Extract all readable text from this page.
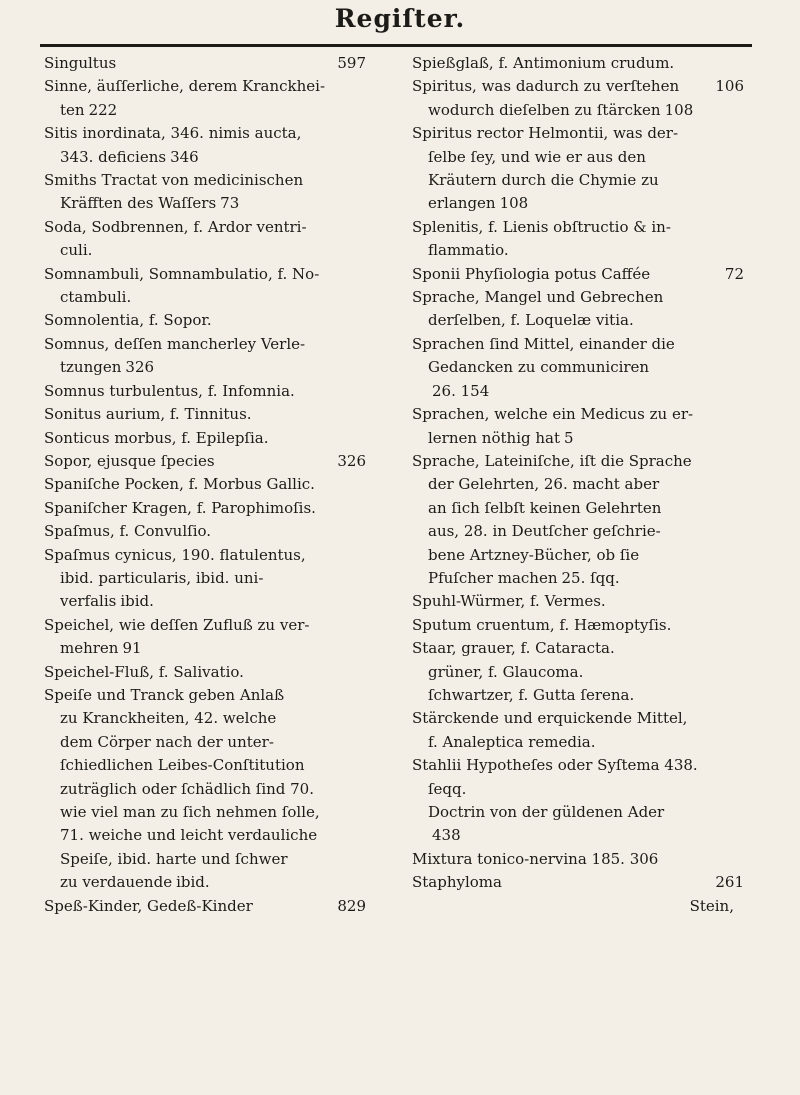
Regiſter.
Singultus	597
Sinne, äuſſerliche, derem Kranckhei-
ten 222
Sitis inordinata, 346. nimis aucta,
343. deficiens 346
Smiths Tractat von medicinischen
Kräfften des Waſſers 73
Soda, Sodbrennen, f. Ardor ventri-
culi.
Somnambuli, Somnambulatio, f. No-
ctambuli.
Somnolentia, f. Sopor.
Somnus, deſſen mancherley Verle-
tzungen 326
Somnus turbulentus, f. Infomnia.
Sonitus aurium, f. Tinnitus.
Sonticus morbus, f. Epilepſia.
Sopor, ejusque ſpecies	326
Spaniſche Pocken, f. Morbus Gallic.
Spaniſcher Kragen, f. Parophimoſis.
Spaſmus, f. Convulſio.
Spaſmus cynicus, 190. flatulentus,
ibid. particularis, ibid. uni-
verfalis ibid.
Speichel, wie deſſen Zufluß zu ver-
mehren 91
Speichel-Fluß, f. Salivatio.
Speiſe und Tranck geben Anlaß
zu Kranckheiten, 42. welche
dem Cörper nach der unter-
ſchiedlichen Leibes-Conſtitution
zuträglich oder ſchädlich ſind 70.
wie viel man zu ſich nehmen ſolle,
71. weiche und leicht verdauliche
Speiſe, ibid. harte und ſchwer
zu verdauende ibid.
Speß-Kinder, Gedeß-Kinder	829
Spießglaß, f. Antimonium crudum.
Spiritus, was dadurch zu verſtehen 106
wodurch dieſelben zu ſtärcken 108
Spiritus rector Helmontii, was der-
ſelbe ſey, und wie er aus den
Kräutern durch die Chymie zu
erlangen 108
Splenitis, f. Lienis obſtructio & in-
flammatio.
Sponii Phyſiologia potus Caffée	72
Sprache, Mangel und Gebrechen
derſelben, f. Loquelæ vitia.
Sprachen ſind Mittel, einander die
Gedancken zu communiciren
26. 154
Sprachen, welche ein Medicus zu er-
lernen nöthig hat 5
Sprache, Lateiniſche, iſt die Sprache
der Gelehrten, 26. macht aber
an ſich ſelbſt keinen Gelehrten
aus, 28. in Deutſcher geſchrie-
bene Artzney-Bücher, ob ſie
Pfuſcher machen 25. ſqq.
Spuhl-Würmer, f. Vermes.
Sputum cruentum, f. Hæmoptyſis.
Staar, grauer, f. Cataracta.
grüner, f. Glaucoma.
ſchwartzer, f. Gutta ſerena.
Stärckende und erquickende Mittel,
f. Analeptica remedia.
Stahlii Hypotheſes oder Syſtema 438.
ſeqq.
Doctrin von der güldenen Ader
438
Mixtura tonico-nervina 185. 306
Staphyloma	261
Stein,
